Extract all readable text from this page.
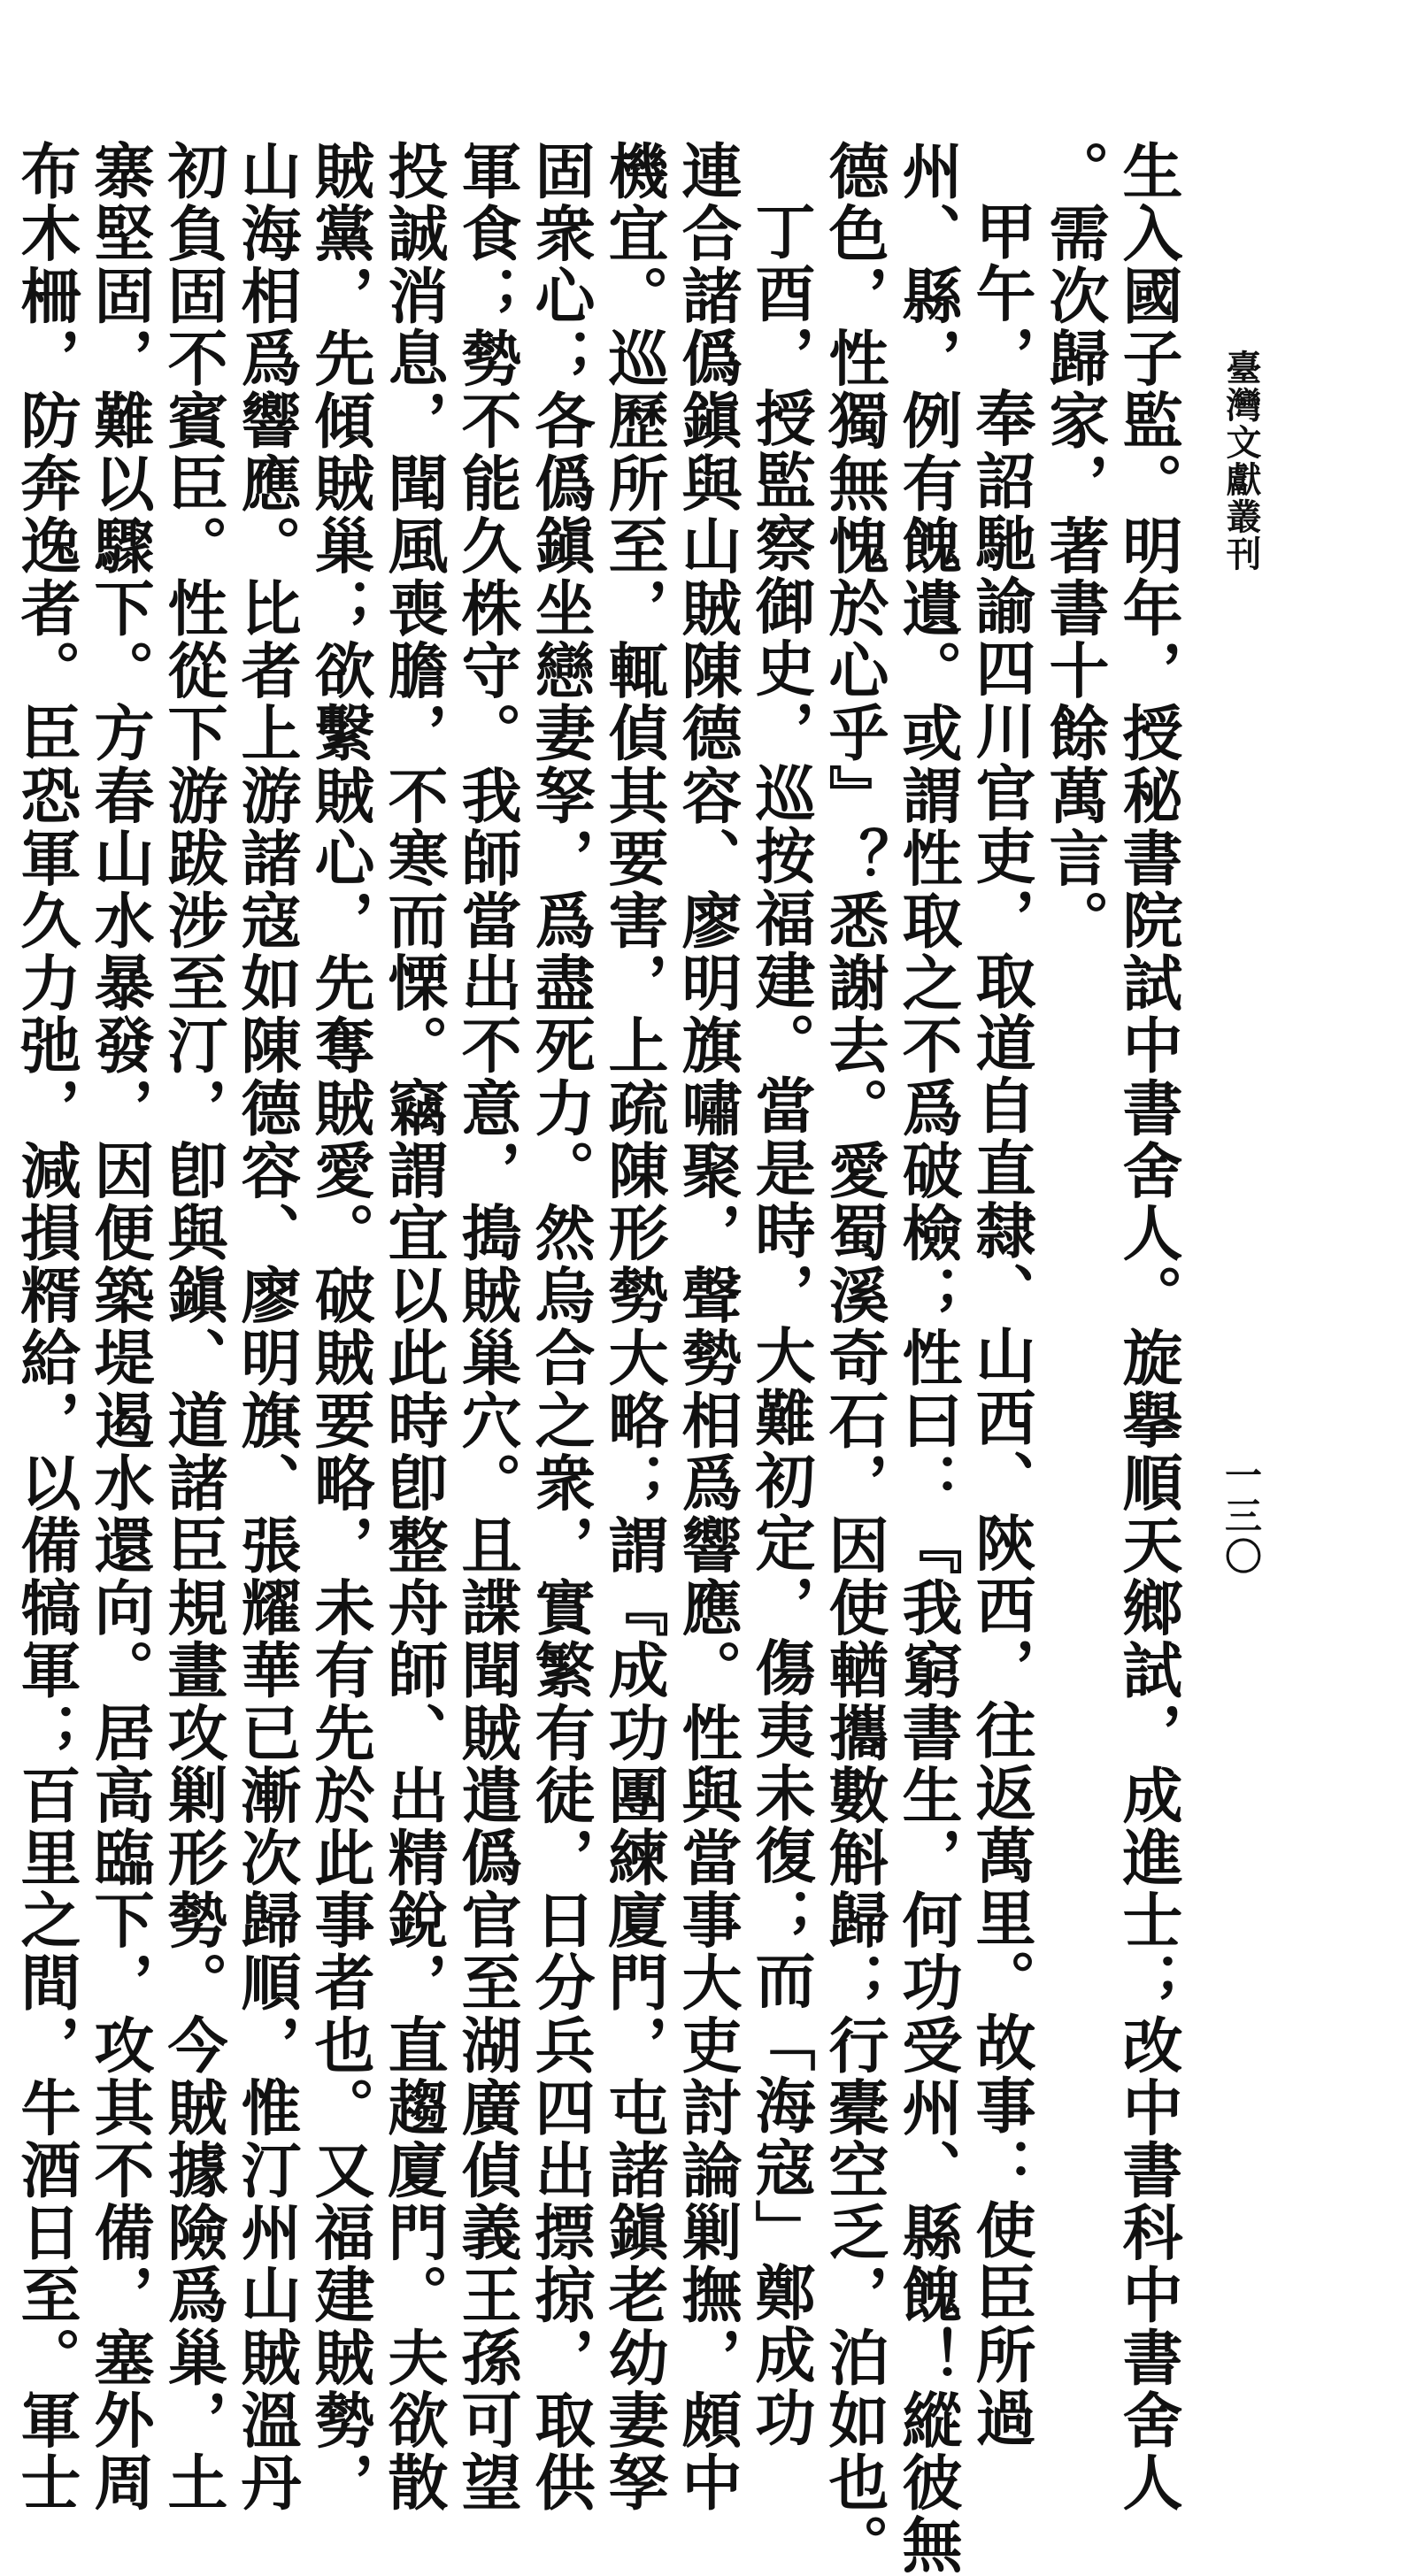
臺灣文獻叢刊
一三〇
生入國子監。明年，授秘書院試中書舍人。旋擧順天鄉試，成進士；改中書科中書舍人
。需次歸家，著書十餘萬言。
甲午，奉詔馳諭四川官吏，取道自直隸、山西、陝西，往返萬里。故事：使臣所過
州、縣，例有餽遺。或謂性取之不爲破檢；性曰：『我窮書生，何功受州、縣餽！縱彼無
德色，性獨無愧於心乎』？悉謝去。愛蜀溪奇石，因使輶攜數斛歸；行橐空乏，泊如也。
丁酉，授監察御史，巡按福建。當是時，大難初定，傷夷未復；而「海寇」鄭成功
連合諸僞鎭與山賊陳德容、廖明旗嘯聚，聲勢相爲響應。性與當事大吏討論剿撫，頗中
機宜。巡歷所至，輒偵其要害，上疏陳形勢大略；謂『成功團練廈門，屯諸鎭老幼妻孥
固衆心；各僞鎭坐戀妻孥，爲盡死力。然烏合之衆，實繁有徒，日分兵四出摽掠，取供
軍食；勢不能久株守。我師當出不意，搗賊巢穴。且諜聞賊遣僞官至湖廣偵義王孫可望
投誠消息，聞風喪膽，不寒而慄。竊謂宜以此時卽整舟師、出精銳，直趨廈門。夫欲散
賊黨，先傾賊巢；欲繫賊心，先奪賊愛。破賊要略，未有先於此事者也。又福建賊勢，
山海相爲響應。比者上游諸寇如陳德容、廖明旗、張耀華已漸次歸順，惟汀州山賊溫丹
初負固不賓臣。性從下游跋涉至汀，卽與鎭、道諸臣規畫攻剿形勢。今賊據險爲巢，土
寨堅固，難以驟下。方春山水暴發，因便築堤遏水還向。居高臨下，攻其不備，塞外周
布木柵，防奔逸者。臣恐軍久力弛，減損糈給，以備犒軍；百里之間，牛酒日至。軍士
